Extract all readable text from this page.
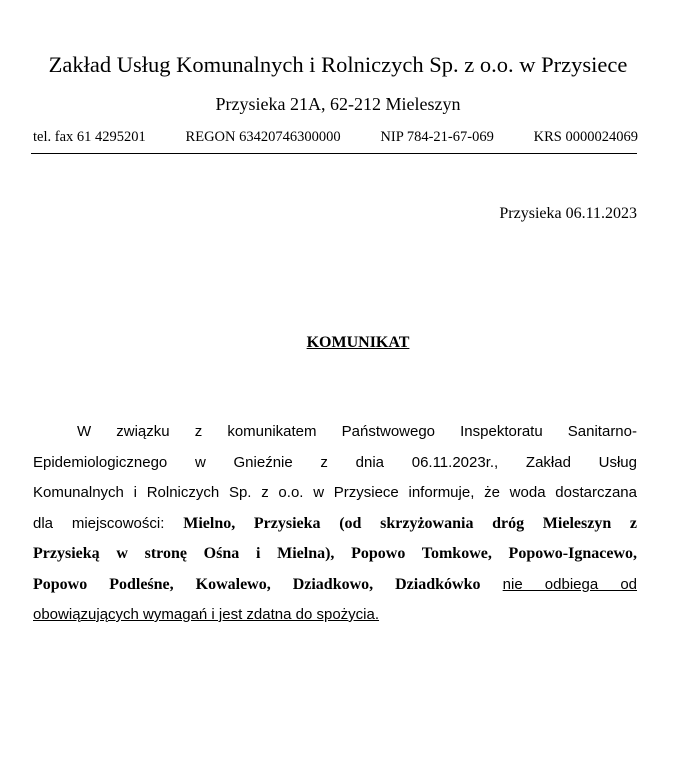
Zakład Usług Komunalnych i Rolniczych Sp. z o.o. w Przysiece
Przysieka 21A, 62-212 Mieleszyn
tel. fax 61 4295201	REGON 63420746300000	NIP 784-21-67-069	KRS 0000024069
Przysieka 06.11.2023
KOMUNIKAT
W związku z komunikatem Państwowego Inspektoratu Sanitarno-
Epidemiologicznego w Gnieźnie z dnia 06.11.2023r., Zakład Usług
Komunalnych i Rolniczych Sp. z o.o. w Przysiece informuje, że woda dostarczana
dla miejscowości: Mielno, Przysieka (od skrzyżowania dróg Mieleszyn z
Przysieką w stronę Ośna i Mielna), Popowo Tomkowe, Popowo-Ignacewo,
Popowo Podleśne, Kowalewo, Dziadkowo, Dziadkówko nie odbiega od
obowiązujących wymagań i jest zdatna do spożycia.
